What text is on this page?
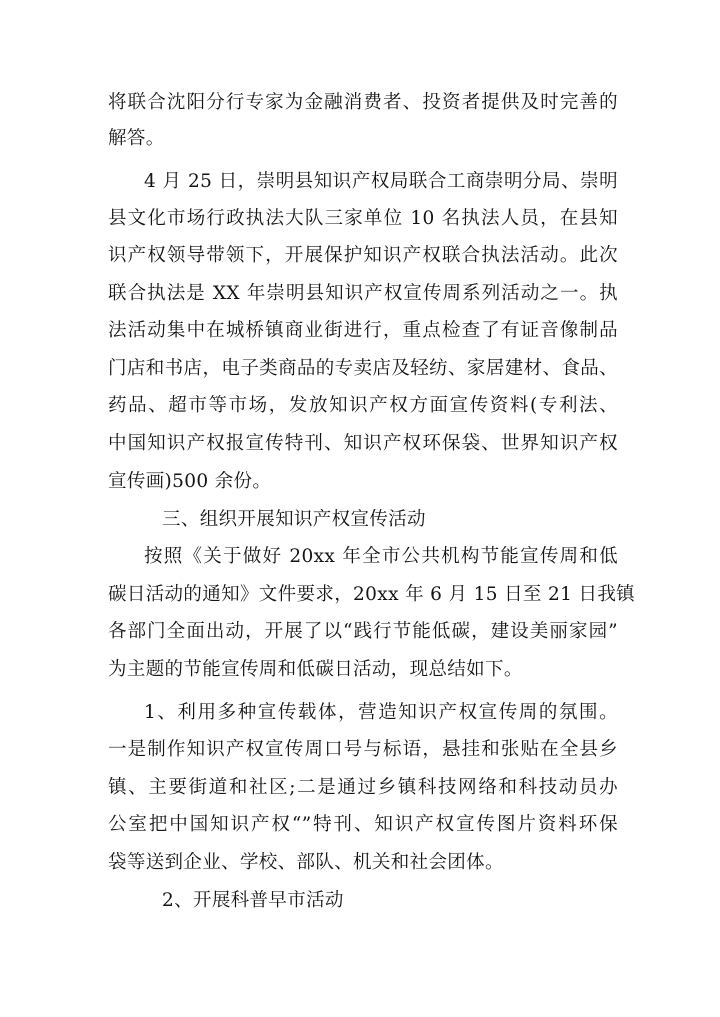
将联合沈阳分行专家为金融消费者、投资者提供及时完善的
解答。
4 月 25 日，崇明县知识产权局联合工商崇明分局、崇明
县文化市场行政执法大队三家单位 10 名执法人员，在县知
识产权领导带领下，开展保护知识产权联合执法活动。此次
联合执法是 XX 年崇明县知识产权宣传周系列活动之一。执
法活动集中在城桥镇商业街进行，重点检查了有证音像制品
门店和书店，电子类商品的专卖店及轻纺、家居建材、食品、
药品、超市等市场，发放知识产权方面宣传资料(专利法、
中国知识产权报宣传特刊、知识产权环保袋、世界知识产权
宣传画)500 余份。
三、组织开展知识产权宣传活动
按照《关于做好 20xx 年全市公共机构节能宣传周和低
碳日活动的通知》文件要求，20xx 年 6 月 15 日至 21 日我镇
各部门全面出动，开展了以“践行节能低碳，建设美丽家园”
为主题的节能宣传周和低碳日活动，现总结如下。
1、利用多种宣传载体，营造知识产权宣传周的氛围。
一是制作知识产权宣传周口号与标语，悬挂和张贴在全县乡
镇、主要街道和社区;二是通过乡镇科技网络和科技动员办
公室把中国知识产权“”特刊、知识产权宣传图片资料环保
袋等送到企业、学校、部队、机关和社会团体。
2、开展科普早市活动
